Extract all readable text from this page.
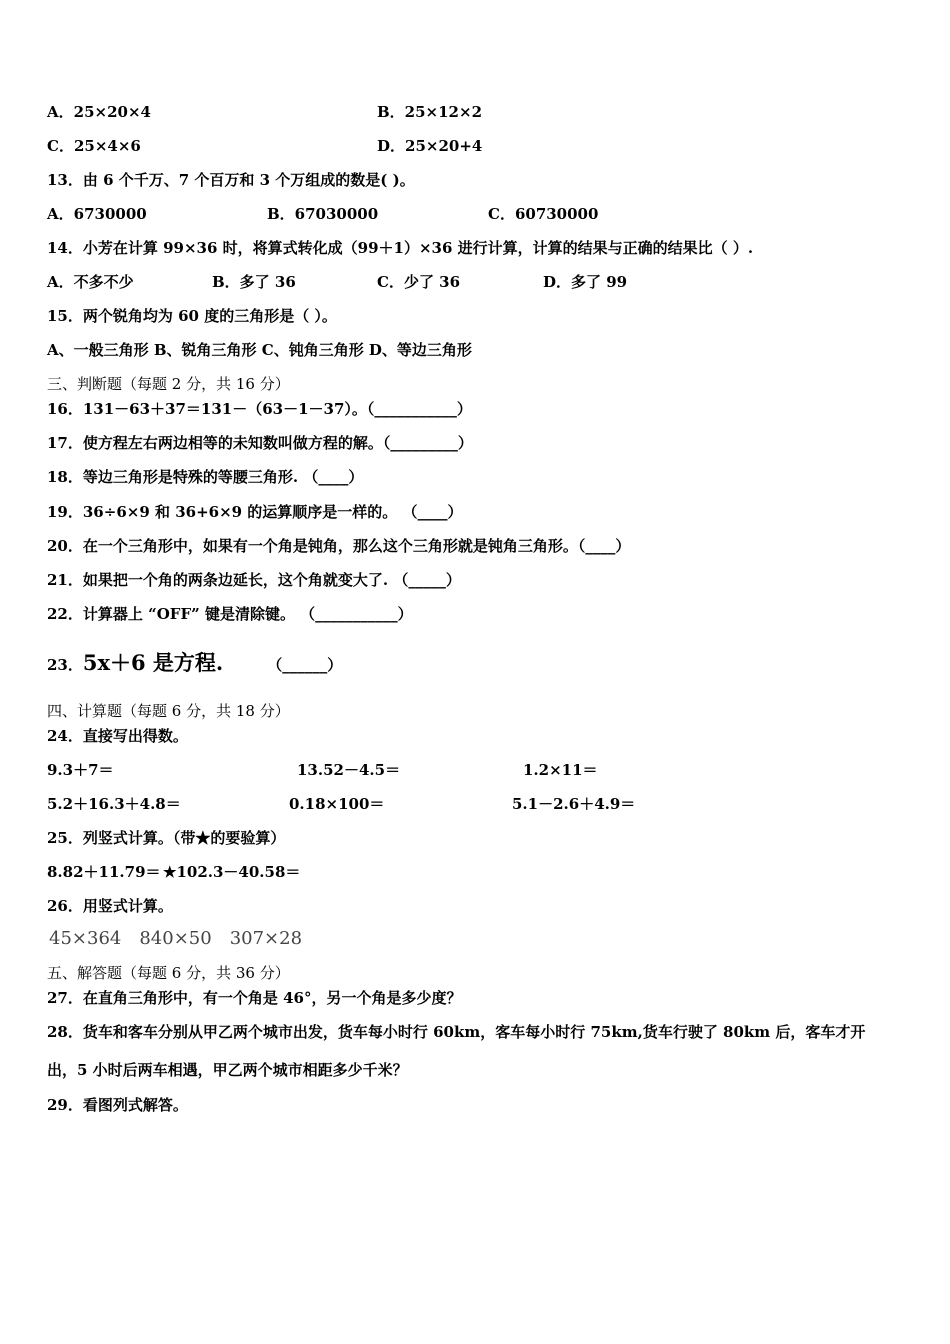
A．25×20×4	B．25×12×2
C．25×4×6	D．25×20+4
13．由 6 个千万、7 个百万和 3 个万组成的数是( )。
A．6730000	B．67030000	C．60730000
14．小芳在计算 99×36 时，将算式转化成（99＋1）×36 进行计算，计算的结果与正确的结果比（ ）.
A．不多不少	B．多了 36	C．少了 36	D．多了 99
15．两个锐角均为 60 度的三角形是（ ）。
A、一般三角形 B、锐角三角形 C、钝角三角形 D、等边三角形
三、判断题（每题 2 分，共 16 分）
16．131－63＋37＝131－（63－1－37）。（___________）
17．使方程左右两边相等的未知数叫做方程的解。（_________）
18．等边三角形是特殊的等腰三角形. （____）
19．36÷6×9 和 36+6×9 的运算顺序是一样的。 （____）
20．在一个三角形中，如果有一个角是钝角，那么这个三角形就是钝角三角形。（____）
21．如果把一个角的两条边延长，这个角就变大了. （_____）
22．计算器上 “OFF” 键是清除键。 （___________）
23．5x＋6 是方程.	（______）
四、计算题（每题 6 分，共 18 分）
24．直接写出得数。
9.3＋7＝	13.52－4.5＝	1.2×11＝
5.2＋16.3＋4.8＝	0.18×100＝	5.1－2.6＋4.9＝
25．列竖式计算。（带★的要验算）
8.82＋11.79＝ ★102.3－40.58＝
26．用竖式计算。
45×364 840×50 307×28
五、解答题（每题 6 分，共 36 分）
27．在直角三角形中，有一个角是 46°，另一个角是多少度？
28．货车和客车分别从甲乙两个城市出发，货车每小时行 60km，客车每小时行 75km,货车行驶了 80km 后，客车才开
出，5 小时后两车相遇，甲乙两个城市相距多少千米？
29．看图列式解答。
